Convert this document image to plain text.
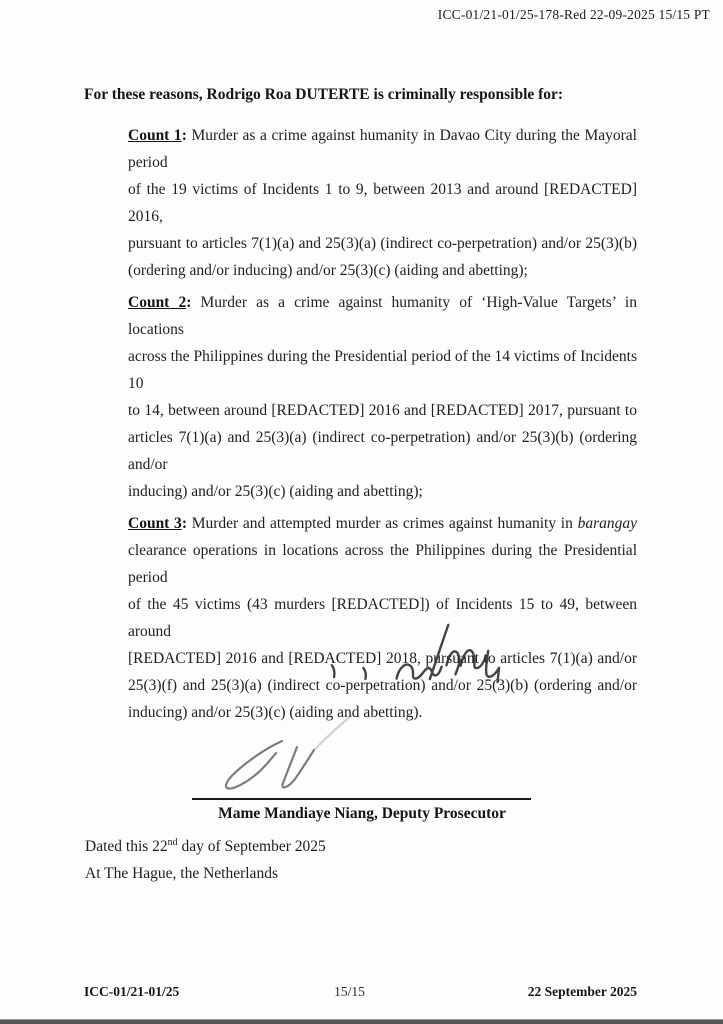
ICC-01/21-01/25-178-Red 22-09-2025 15/15 PT

For these reasons, Rodrigo Roa DUTERTE is criminally responsible for:

Count 1: Murder as a crime against humanity in Davao City during the Mayoral period
of the 19 victims of Incidents 1 to 9, between 2013 and around [REDACTED] 2016,
pursuant to articles 7(1)(a) and 25(3)(a) (indirect co-perpetration) and/or 25(3)(b)
(ordering and/or inducing) and/or 25(3)(c) (aiding and abetting);
Count 2: Murder as a crime against humanity of ‘High-Value Targets’ in locations
across the Philippines during the Presidential period of the 14 victims of Incidents 10
to 14, between around [REDACTED] 2016 and [REDACTED] 2017, pursuant to
articles 7(1)(a) and 25(3)(a) (indirect co-perpetration) and/or 25(3)(b) (ordering and/or
inducing) and/or 25(3)(c) (aiding and abetting);
Count 3: Murder and attempted murder as crimes against humanity in barangay
clearance operations in locations across the Philippines during the Presidential period
of the 45 victims (43 murders [REDACTED]) of Incidents 15 to 49, between around
[REDACTED] 2016 and [REDACTED] 2018, pursuant to articles 7(1)(a) and/or
25(3)(f) and 25(3)(a) (indirect co-perpetration) and/or 25(3)(b) (ordering and/or
inducing) and/or 25(3)(c) (aiding and abetting).
Mame Mandiaye Niang, Deputy Prosecutor
Dated this 22nd day of September 2025
At The Hague, the Netherlands
ICC-01/21-01/25	15/15	22 September 2025
